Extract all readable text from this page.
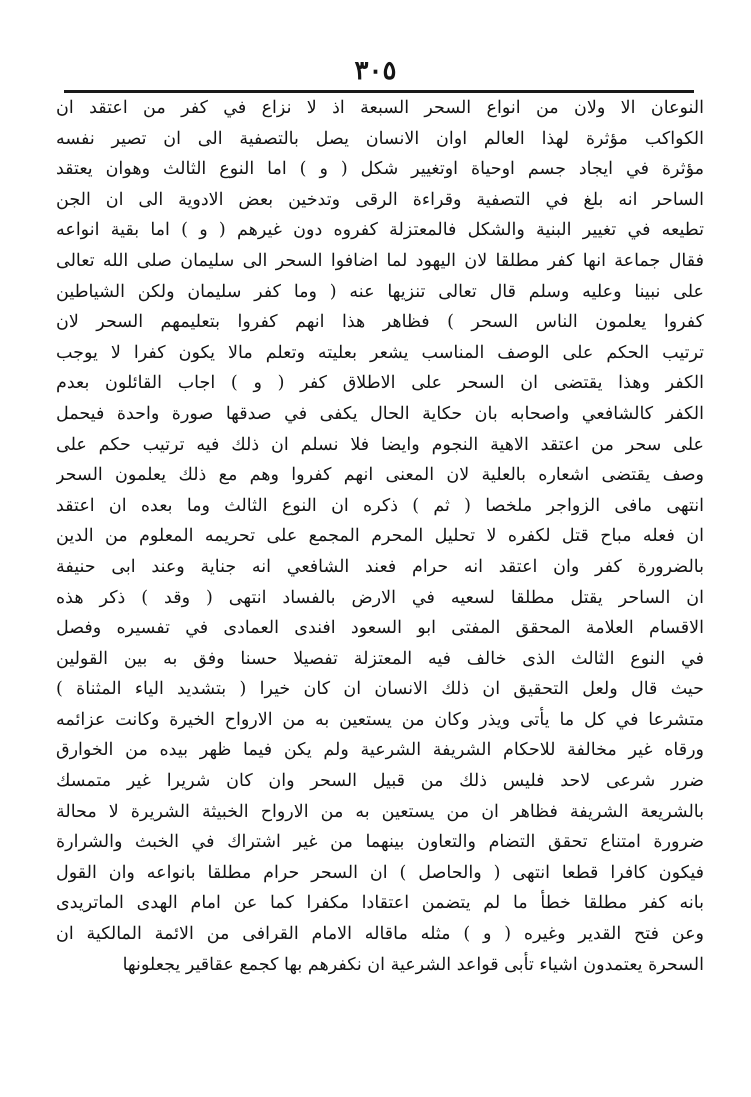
٣٠٥
النوعان الا ولان من انواع السحر السبعة اذ لا نزاع في كفر من اعتقد ان
الكواكب مؤثرة لهذا العالم اوان الانسان يصل بالتصفية الى ان تصير نفسه
مؤثرة في ايجاد جسم اوحياة اوتغيير شكل ( و ) اما النوع الثالث وهوان يعتقد
الساحر انه بلغ في التصفية وقراءة الرقى وتدخين بعض الادوية الى ان الجن
تطيعه في تغيير البنية والشكل فالمعتزلة كفروه دون غيرهم ( و ) اما بقية انواعه
فقال جماعة انها كفر مطلقا لان اليهود لما اضافوا السحر الى سليمان صلى الله تعالى
على نبينا وعليه وسلم قال تعالى تنزيها عنه ( وما كفر سليمان ولكن الشياطين
كفروا يعلمون الناس السحر ) فظاهر هذا انهم كفروا بتعليمهم السحر لان
ترتيب الحكم على الوصف المناسب يشعر بعليته وتعلم مالا يكون كفرا لا يوجب
الكفر وهذا يقتضى ان السحر على الاطلاق كفر ( و ) اجاب القائلون بعدم
الكفر كالشافعي واصحابه بان حكاية الحال يكفى في صدقها صورة واحدة فيحمل
على سحر من اعتقد الاهية النجوم وايضا فلا نسلم ان ذلك فيه ترتيب حكم على
وصف يقتضى اشعاره بالعلية لان المعنى انهم كفروا وهم مع ذلك يعلمون السحر
انتهى مافى الزواجر ملخصا ( ثم ) ذكره ان النوع الثالث وما بعده ان اعتقد
ان فعله مباح قتل لكفره لا تحليل المحرم المجمع على تحريمه المعلوم من الدين
بالضرورة كفر وان اعتقد انه حرام فعند الشافعي انه جناية وعند ابى حنيفة
ان الساحر يقتل مطلقا لسعيه في الارض بالفساد انتهى ( وقد ) ذكر هذه
الاقسام العلامة المحقق المفتى ابو السعود افندى العمادى في تفسيره وفصل
في النوع الثالث الذى خالف فيه المعتزلة تفصيلا حسنا وفق به بين القولين
حيث قال ولعل التحقيق ان ذلك الانسان ان كان خيرا ( بتشديد الياء المثناة )
متشرعا في كل ما يأتى ويذر وكان من يستعين به من الارواح الخيرة وكانت عزائمه
ورقاه غير مخالفة للاحكام الشريفة الشرعية ولم يكن فيما ظهر بيده من الخوارق
ضرر شرعى لاحد فليس ذلك من قبيل السحر وان كان شريرا غير متمسك
بالشريعة الشريفة فظاهر ان من يستعين به من الارواح الخبيثة الشريرة لا محالة
ضرورة امتناع تحقق التضام والتعاون بينهما من غير اشتراك في الخبث والشرارة
فيكون كافرا قطعا انتهى ( والحاصل ) ان السحر حرام مطلقا بانواعه وان القول
بانه كفر مطلقا خطأ ما لم يتضمن اعتقادا مكفرا كما عن امام الهدى الماتريدى
وعن فتح القدير وغيره ( و ) مثله ماقاله الامام القرافى من الائمة المالكية ان
السحرة يعتمدون اشياء تأبى قواعد الشرعية ان نكفرهم بها كجمع عقاقير يجعلونها
